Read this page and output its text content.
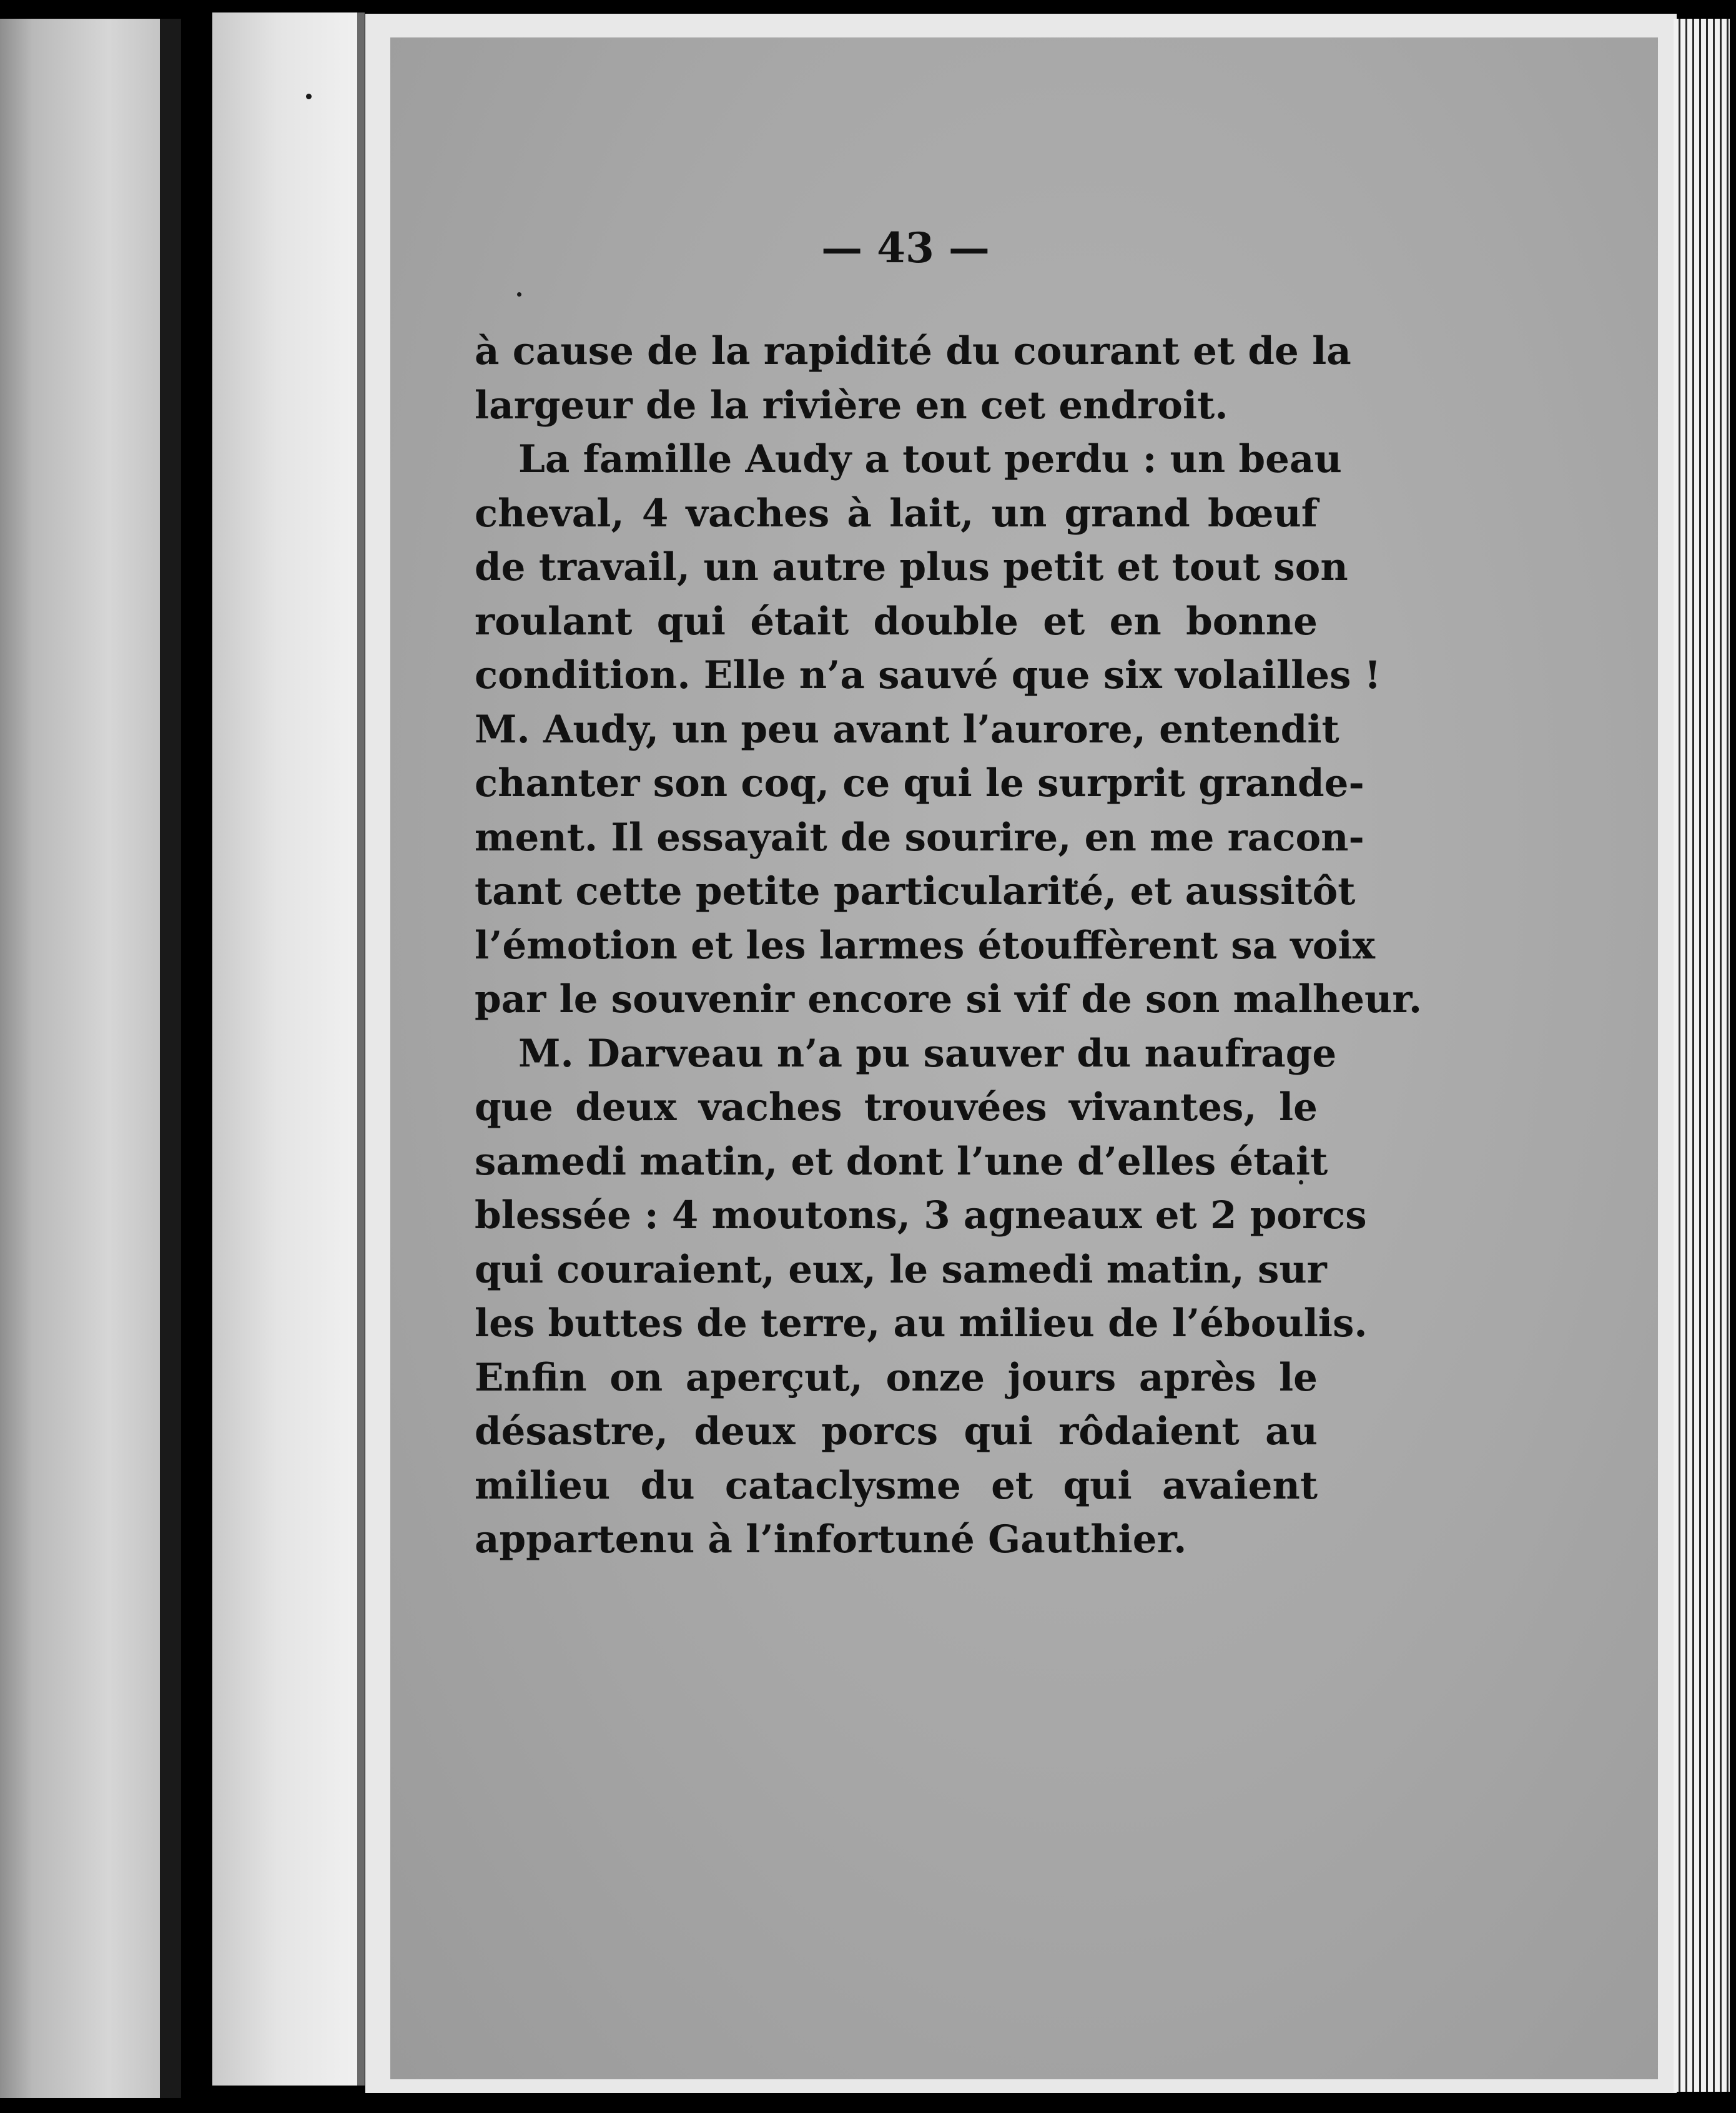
— 43 —
à cause de la rapidité du courant et de la
largeur de la rivière en cet endroit.
La famille Audy a tout perdu : un beau
cheval, 4 vaches à lait, un grand bœuf
de travail, un autre plus petit et tout son
roulant qui était double et en bonne
condition. Elle n’a sauvé que six volailles !
M. Audy, un peu avant l’aurore, entendit
chanter son coq, ce qui le surprit grande-
ment. Il essayait de sourire, en me racon-
tant cette petite particularité, et aussitôt
l’émotion et les larmes étouffèrent sa voix
par le souvenir encore si vif de son malheur.
M. Darveau n’a pu sauver du naufrage
que deux vaches trouvées vivantes, le
samedi matin, et dont l’une d’elles était
blessée : 4 moutons, 3 agneaux et 2 porcs
qui couraient, eux, le samedi matin, sur
les buttes de terre, au milieu de l’éboulis.
Enfin on aperçut, onze jours après le
désastre, deux porcs qui rôdaient au
milieu du cataclysme et qui avaient
appartenu à l’infortuné Gauthier.
